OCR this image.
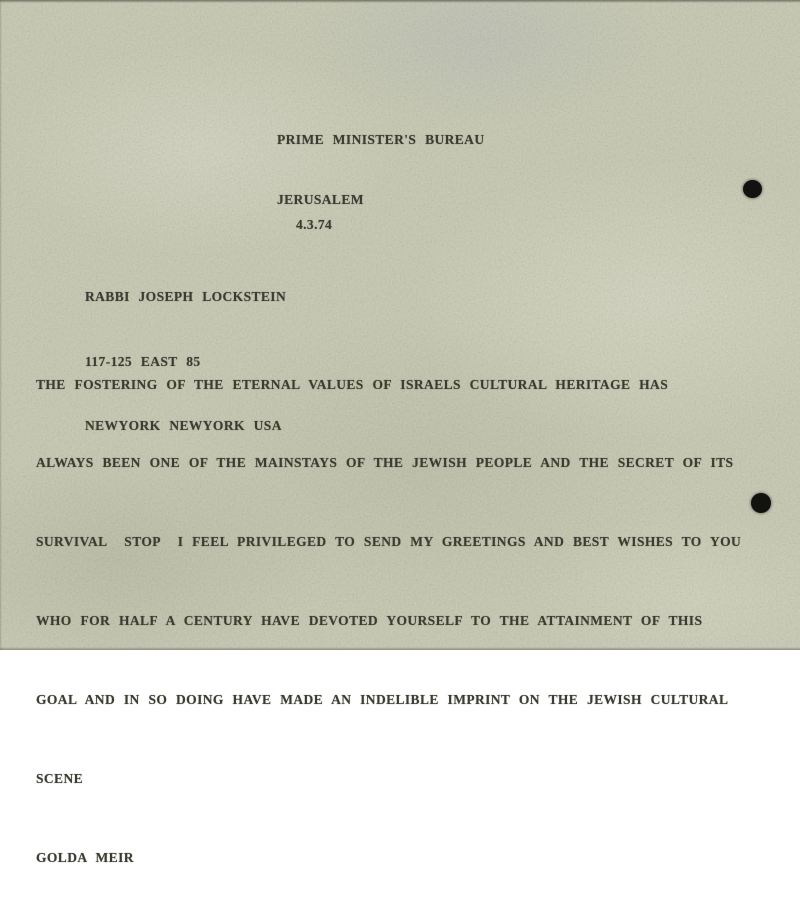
PRIME MINISTER'S BUREAU

JERUSALEM

4.3.74

RABBI JOSEPH LOCKSTEIN

117-125 EAST 85

NEWYORK NEWYORK USA

THE FOSTERING OF THE ETERNAL VALUES OF ISRAELS CULTURAL HERITAGE HAS

ALWAYS BEEN ONE OF THE MAINSTAYS OF THE JEWISH PEOPLE AND THE SECRET OF ITS

SURVIVAL  STOP  I FEEL PRIVILEGED TO SEND MY GREETINGS AND BEST WISHES TO YOU

WHO FOR HALF A CENTURY HAVE DEVOTED YOURSELF TO THE ATTAINMENT OF THIS

GOAL AND IN SO DOING HAVE MADE AN INDELIBLE IMPRINT ON THE JEWISH CULTURAL

SCENE

GOLDA MEIR
